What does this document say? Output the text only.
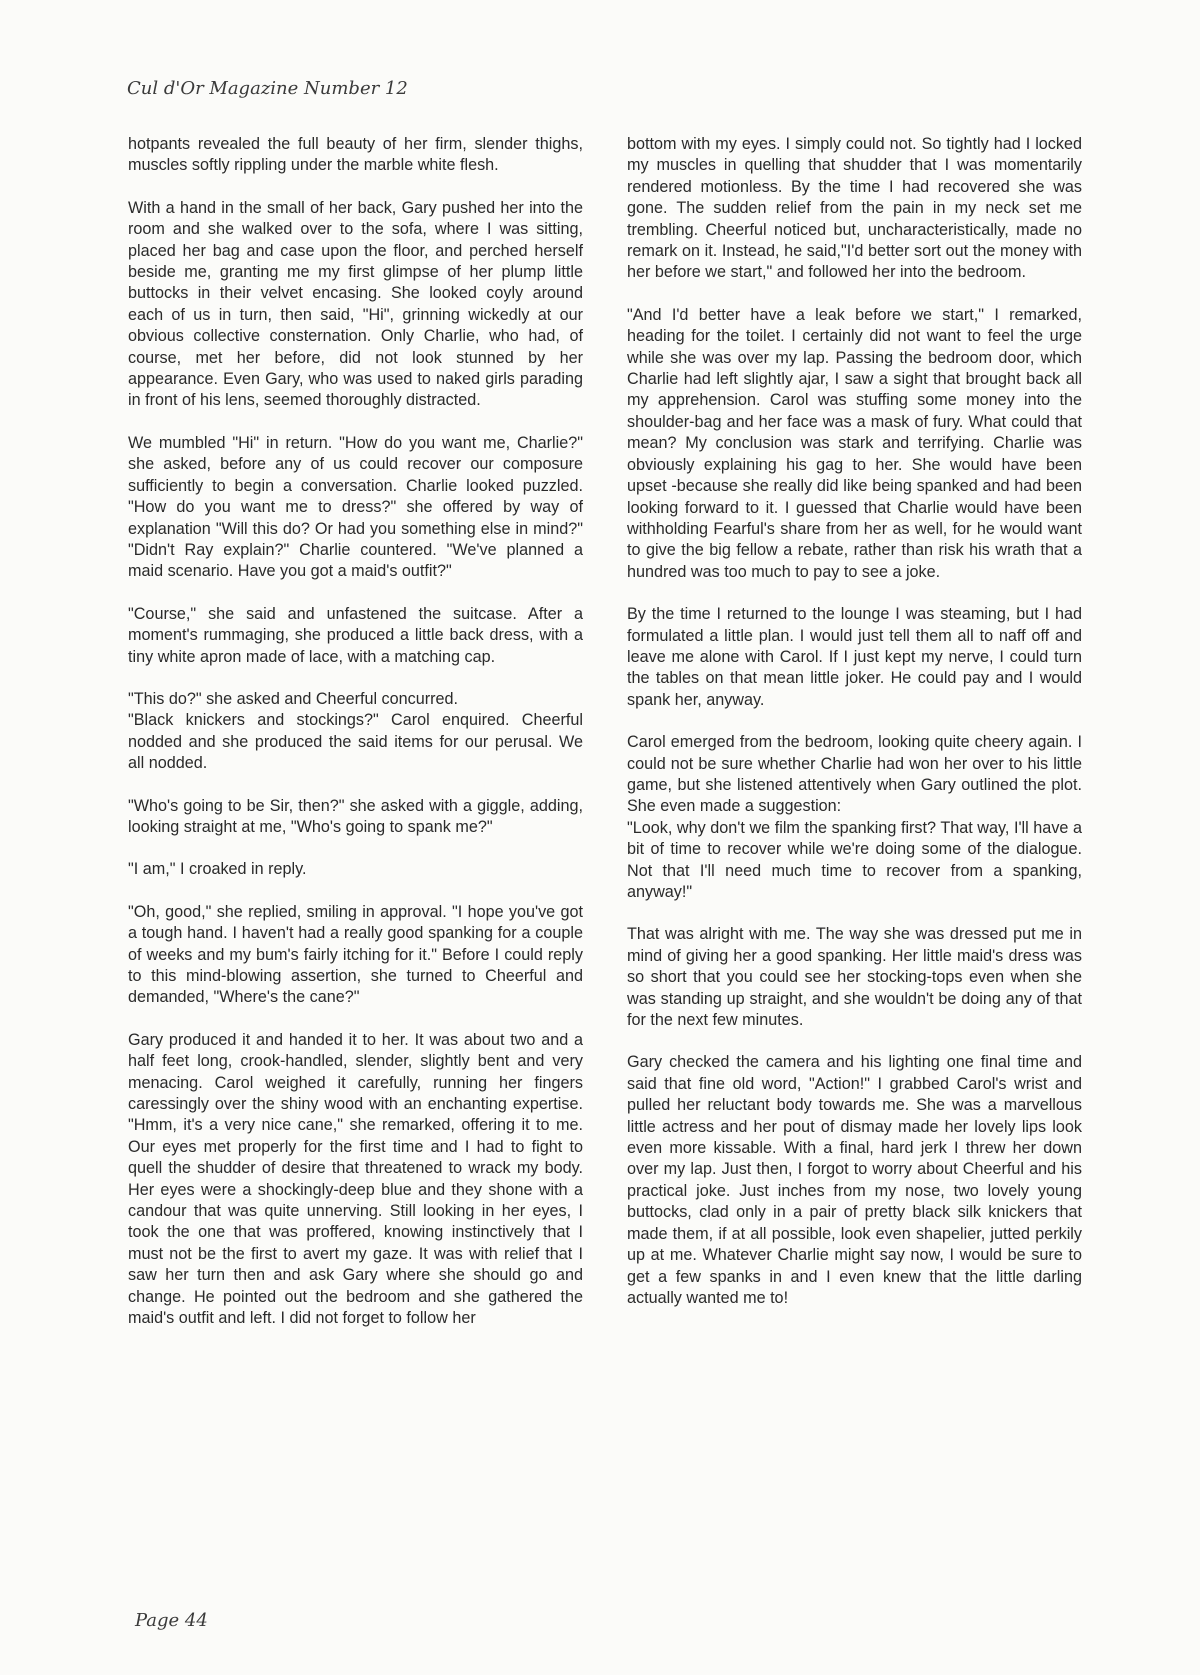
Cul d'Or Magazine Number 12

hotpants revealed the full beauty of her firm, slender thighs, muscles softly rippling under the marble white flesh.

With a hand in the small of her back, Gary pushed her into the room and she walked over to the sofa, where I was sitting, placed her bag and case upon the floor, and perched herself beside me, granting me my first glimpse of her plump little buttocks in their velvet encasing. She looked coyly around each of us in turn, then said, "Hi", grinning wickedly at our obvious collective consternation. Only Charlie, who had, of course, met her before, did not look stunned by her appearance. Even Gary, who was used to naked girls parading in front of his lens, seemed thoroughly distracted.

We mumbled "Hi" in return. "How do you want me, Charlie?" she asked, before any of us could recover our composure sufficiently to begin a conversation. Charlie looked puzzled. "How do you want me to dress?" she offered by way of explanation "Will this do? Or had you something else in mind?" "Didn't Ray explain?" Charlie countered. "We've planned a maid scenario. Have you got a maid's outfit?"

"Course," she said and unfastened the suitcase. After a moment's rummaging, she produced a little back dress, with a tiny white apron made of lace, with a matching cap.

"This do?" she asked and Cheerful concurred.

"Black knickers and stockings?" Carol enquired. Cheerful nodded and she produced the said items for our perusal. We all nodded.

"Who's going to be Sir, then?" she asked with a giggle, adding, looking straight at me, "Who's going to spank me?"

"I am," I croaked in reply.

"Oh, good," she replied, smiling in approval. "I hope you've got a tough hand. I haven't had a really good spanking for a couple of weeks and my bum's fairly itching for it." Before I could reply to this mind-blowing assertion, she turned to Cheerful and demanded, "Where's the cane?"

Gary produced it and handed it to her. It was about two and a half feet long, crook-handled, slender, slightly bent and very menacing. Carol weighed it carefully, running her fingers caressingly over the shiny wood with an enchanting expertise. "Hmm, it's a very nice cane," she remarked, offering it to me. Our eyes met properly for the first time and I had to fight to quell the shudder of desire that threatened to wrack my body. Her eyes were a shockingly-deep blue and they shone with a candour that was quite unnerving. Still looking in her eyes, I took the one that was proffered, knowing instinctively that I must not be the first to avert my gaze. It was with relief that I saw her turn then and ask Gary where she should go and change. He pointed out the bedroom and she gathered the maid's outfit and left. I did not forget to follow her

bottom with my eyes. I simply could not. So tightly had I locked my muscles in quelling that shudder that I was momentarily rendered motionless. By the time I had recovered she was gone. The sudden relief from the pain in my neck set me trembling. Cheerful noticed but, uncharacteristically, made no remark on it. Instead, he said,"I'd better sort out the money with her before we start," and followed her into the bedroom.

"And I'd better have a leak before we start," I remarked, heading for the toilet. I certainly did not want to feel the urge while she was over my lap. Passing the bedroom door, which Charlie had left slightly ajar, I saw a sight that brought back all my apprehension. Carol was stuffing some money into the shoulder-bag and her face was a mask of fury. What could that mean? My conclusion was stark and terrifying. Charlie was obviously explaining his gag to her. She would have been upset -because she really did like being spanked and had been looking forward to it. I guessed that Charlie would have been withholding Fearful's share from her as well, for he would want to give the big fellow a rebate, rather than risk his wrath that a hundred was too much to pay to see a joke.

By the time I returned to the lounge I was steaming, but I had formulated a little plan. I would just tell them all to naff off and leave me alone with Carol. If I just kept my nerve, I could turn the tables on that mean little joker. He could pay and I would spank her, anyway.

Carol emerged from the bedroom, looking quite cheery again. I could not be sure whether Charlie had won her over to his little game, but she listened attentively when Gary outlined the plot. She even made a suggestion:

"Look, why don't we film the spanking first? That way, I'll have a bit of time to recover while we're doing some of the dialogue. Not that I'll need much time to recover from a spanking, anyway!"

That was alright with me. The way she was dressed put me in mind of giving her a good spanking. Her little maid's dress was so short that you could see her stocking-tops even when she was standing up straight, and she wouldn't be doing any of that for the next few minutes.

Gary checked the camera and his lighting one final time and said that fine old word, "Action!" I grabbed Carol's wrist and pulled her reluctant body towards me. She was a marvellous little actress and her pout of dismay made her lovely lips look even more kissable. With a final, hard jerk I threw her down over my lap. Just then, I forgot to worry about Cheerful and his practical joke. Just inches from my nose, two lovely young buttocks, clad only in a pair of pretty black silk knickers that made them, if at all possible, look even shapelier, jutted perkily up at me. Whatever Charlie might say now, I would be sure to get a few spanks in and I even knew that the little darling actually wanted me to!

Page 44
